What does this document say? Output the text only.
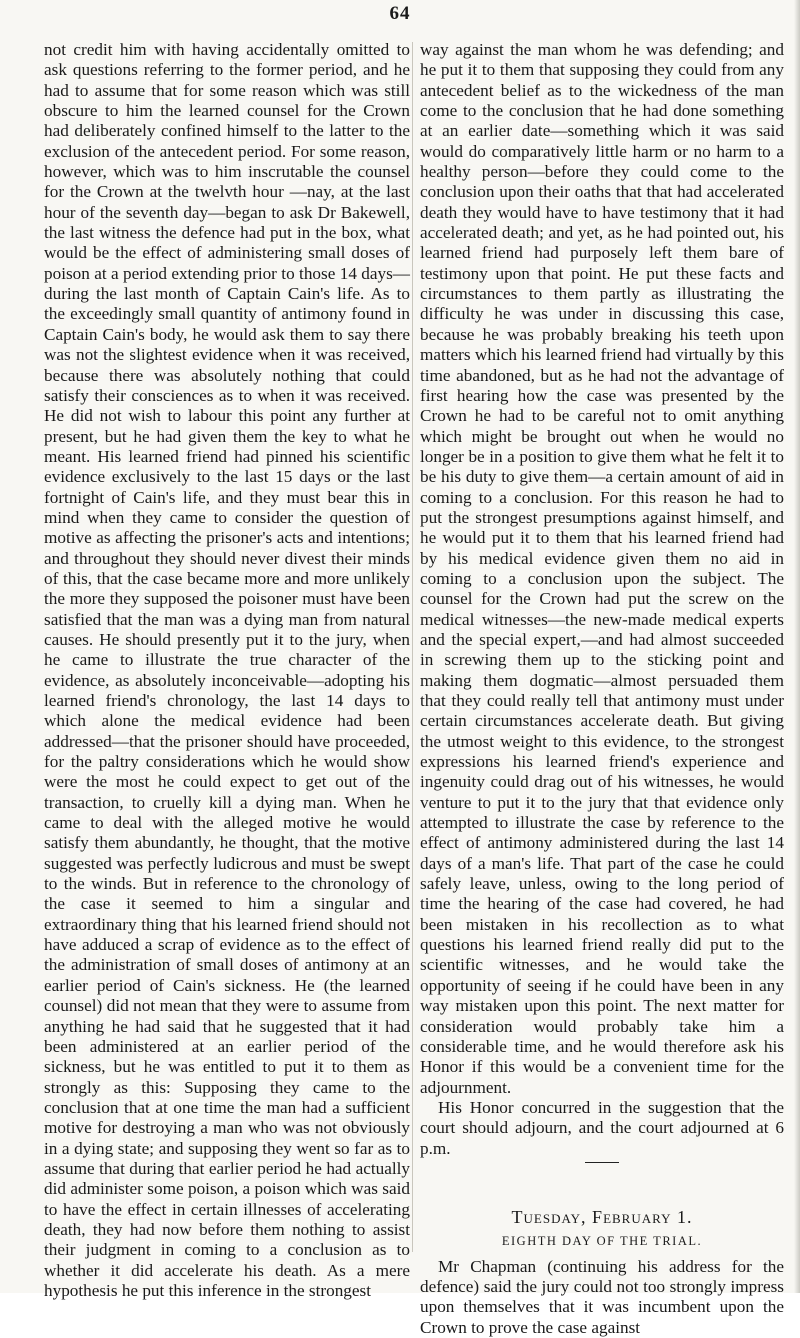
64

not credit him with having accidentally omitted to ask questions referring to the former period, and he had to assume that for some reason which was still obscure to him the learned counsel for the Crown had deliberately confined himself to the latter to the exclusion of the antecedent period. For some reason, however, which was to him inscrutable the counsel for the Crown at the twelvth hour —nay, at the last hour of the seventh day—began to ask Dr Bakewell, the last witness the defence had put in the box, what would be the effect of administering small doses of poison at a period extending prior to those 14 days—during the last month of Captain Cain's life. As to the exceedingly small quantity of antimony found in Captain Cain's body, he would ask them to say there was not the slightest evidence when it was received, because there was absolutely nothing that could satisfy their consciences as to when it was received. He did not wish to labour this point any further at present, but he had given them the key to what he meant. His learned friend had pinned his scientific evidence exclusively to the last 15 days or the last fortnight of Cain's life, and they must bear this in mind when they came to consider the question of motive as affecting the prisoner's acts and intentions; and throughout they should never divest their minds of this, that the case became more and more unlikely the more they supposed the poisoner must have been satisfied that the man was a dying man from natural causes. He should presently put it to the jury, when he came to illustrate the true character of the evidence, as absolutely inconceivable—adopting his learned friend's chronology, the last 14 days to which alone the medical evidence had been addressed—that the prisoner should have proceeded, for the paltry considerations which he would show were the most he could expect to get out of the transaction, to cruelly kill a dying man. When he came to deal with the alleged motive he would satisfy them abundantly, he thought, that the motive suggested was perfectly ludicrous and must be swept to the winds. But in reference to the chronology of the case it seemed to him a singular and extraordinary thing that his learned friend should not have adduced a scrap of evidence as to the effect of the administration of small doses of antimony at an earlier period of Cain's sickness. He (the learned counsel) did not mean that they were to assume from anything he had said that he suggested that it had been administered at an earlier period of the sickness, but he was entitled to put it to them as strongly as this: Supposing they came to the conclusion that at one time the man had a sufficient motive for destroying a man who was not obviously in a dying state; and supposing they went so far as to assume that during that earlier period he had actually did administer some poison, a poison which was said to have the effect in certain illnesses of accelerating death, they had now before them nothing to assist their judgment in coming to a conclusion as to whether it did accelerate his death. As a mere hypothesis he put this inference in the strongest

way against the man whom he was defending; and he put it to them that supposing they could from any antecedent belief as to the wickedness of the man come to the conclusion that he had done something at an earlier date—something which it was said would do comparatively little harm or no harm to a healthy person—before they could come to the conclusion upon their oaths that that had accelerated death they would have to have testimony that it had accelerated death; and yet, as he had pointed out, his learned friend had purposely left them bare of testimony upon that point. He put these facts and circumstances to them partly as illustrating the difficulty he was under in discussing this case, because he was probably breaking his teeth upon matters which his learned friend had virtually by this time abandoned, but as he had not the advantage of first hearing how the case was presented by the Crown he had to be careful not to omit anything which might be brought out when he would no longer be in a position to give them what he felt it to be his duty to give them—a certain amount of aid in coming to a conclusion. For this reason he had to put the strongest presumptions against himself, and he would put it to them that his learned friend had by his medical evidence given them no aid in coming to a conclusion upon the subject. The counsel for the Crown had put the screw on the medical witnesses—the new-made medical experts and the special expert,—and had almost succeeded in screwing them up to the sticking point and making them dogmatic—almost persuaded them that they could really tell that antimony must under certain circumstances accelerate death. But giving the utmost weight to this evidence, to the strongest expressions his learned friend's experience and ingenuity could drag out of his witnesses, he would venture to put it to the jury that that evidence only attempted to illustrate the case by reference to the effect of antimony administered during the last 14 days of a man's life. That part of the case he could safely leave, unless, owing to the long period of time the hearing of the case had covered, he had been mistaken in his recollection as to what questions his learned friend really did put to the scientific witnesses, and he would take the opportunity of seeing if he could have been in any way mistaken upon this point. The next matter for consideration would probably take him a considerable time, and he would therefore ask his Honor if this would be a convenient time for the adjournment.

His Honor concurred in the suggestion that the court should adjourn, and the court adjourned at 6 p.m.

Tuesday, February 1.

EIGHTH DAY OF THE TRIAL.

Mr Chapman (continuing his address for the defence) said the jury could not too strongly impress upon themselves that it was incumbent upon the Crown to prove the case against
